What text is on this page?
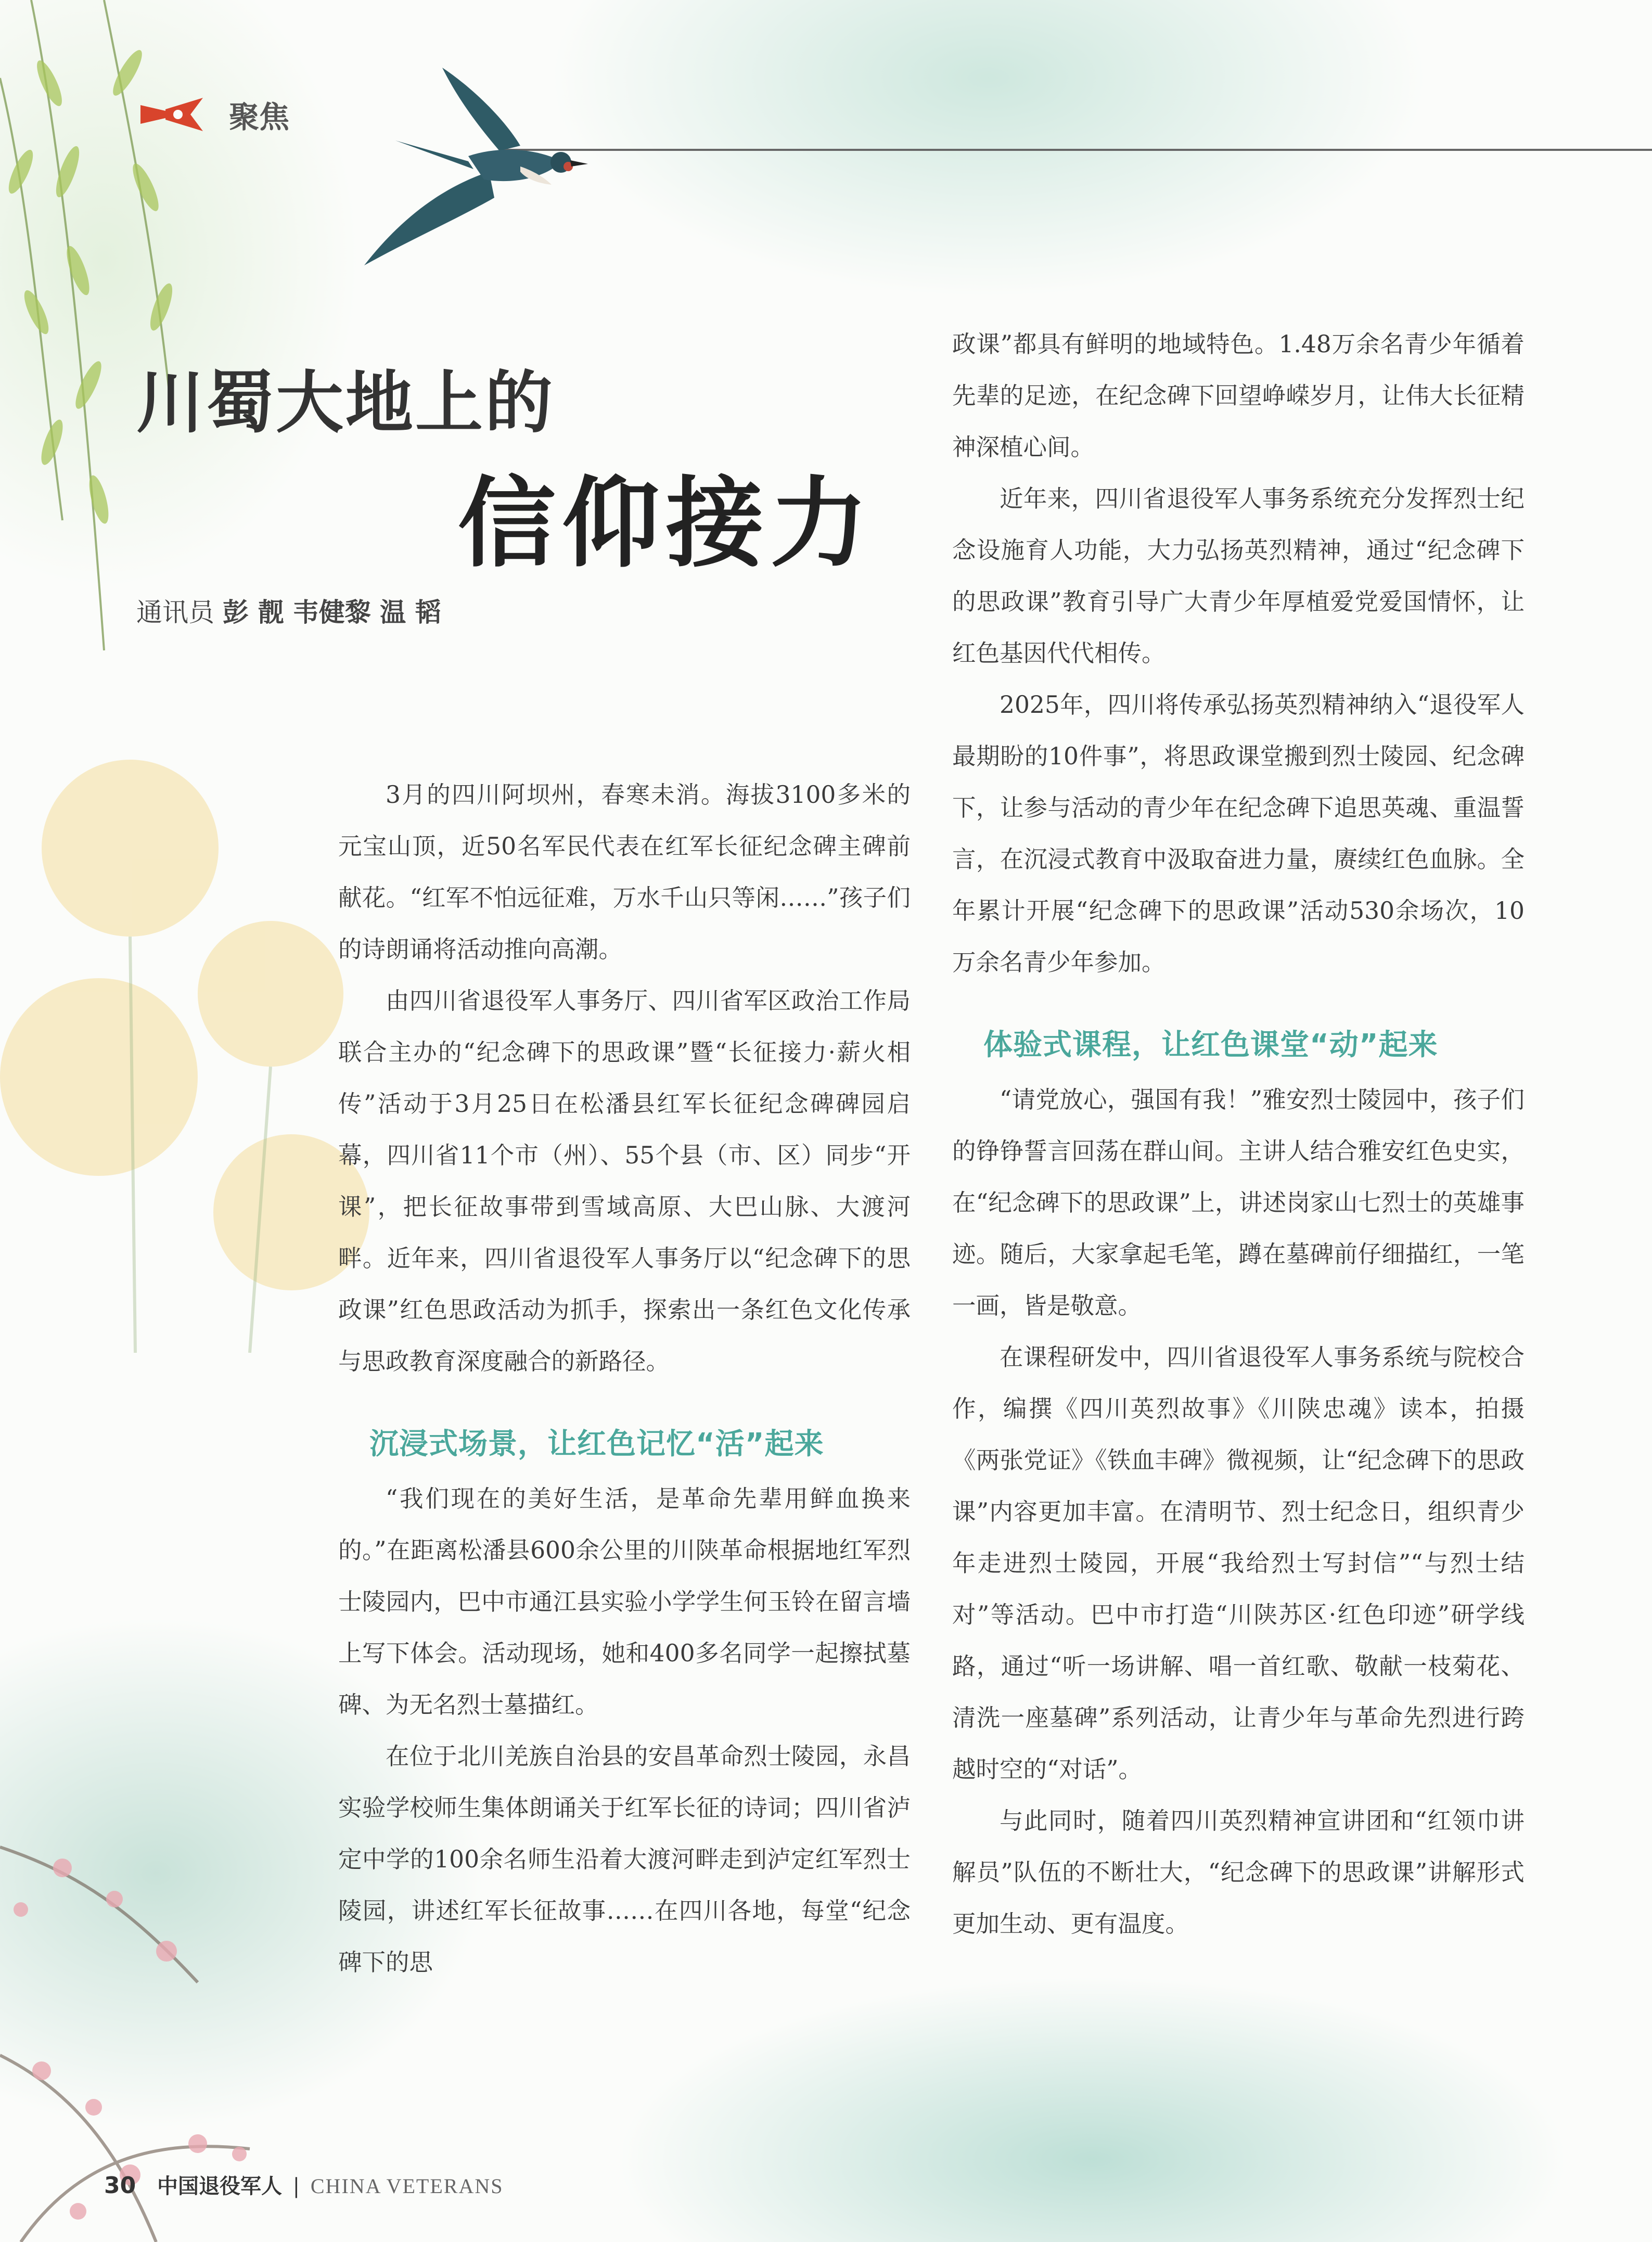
聚焦
川蜀大地上的
信仰接力
通讯员 彭 靓 韦健黎 温 韬

3月的四川阿坝州，春寒未消。海拔3100多米的元宝山顶，近50名军民代表在红军长征纪念碑主碑前献花。“红军不怕远征难，万水千山只等闲……”孩子们的诗朗诵将活动推向高潮。

由四川省退役军人事务厅、四川省军区政治工作局联合主办的“纪念碑下的思政课”暨“长征接力·薪火相传”活动于3月25日在松潘县红军长征纪念碑碑园启幕，四川省11个市（州）、55个县（市、区）同步“开课”，把长征故事带到雪域高原、大巴山脉、大渡河畔。近年来，四川省退役军人事务厅以“纪念碑下的思政课”红色思政活动为抓手，探索出一条红色文化传承与思政教育深度融合的新路径。

沉浸式场景，让红色记忆“活”起来

“我们现在的美好生活，是革命先辈用鲜血换来的。”在距离松潘县600余公里的川陕革命根据地红军烈士陵园内，巴中市通江县实验小学学生何玉铃在留言墙上写下体会。活动现场，她和400多名同学一起擦拭墓碑、为无名烈士墓描红。

在位于北川羌族自治县的安昌革命烈士陵园，永昌实验学校师生集体朗诵关于红军长征的诗词；四川省泸定中学的100余名师生沿着大渡河畔走到泸定红军烈士陵园，讲述红军长征故事……在四川各地，每堂“纪念碑下的思

政课”都具有鲜明的地域特色。1.48万余名青少年循着先辈的足迹，在纪念碑下回望峥嵘岁月，让伟大长征精神深植心间。

近年来，四川省退役军人事务系统充分发挥烈士纪念设施育人功能，大力弘扬英烈精神，通过“纪念碑下的思政课”教育引导广大青少年厚植爱党爱国情怀，让红色基因代代相传。

2025年，四川将传承弘扬英烈精神纳入“退役军人最期盼的10件事”，将思政课堂搬到烈士陵园、纪念碑下，让参与活动的青少年在纪念碑下追思英魂、重温誓言，在沉浸式教育中汲取奋进力量，赓续红色血脉。全年累计开展“纪念碑下的思政课”活动530余场次，10万余名青少年参加。

体验式课程，让红色课堂“动”起来

“请党放心，强国有我！”雅安烈士陵园中，孩子们的铮铮誓言回荡在群山间。主讲人结合雅安红色史实，在“纪念碑下的思政课”上，讲述岗家山七烈士的英雄事迹。随后，大家拿起毛笔，蹲在墓碑前仔细描红，一笔一画，皆是敬意。

在课程研发中，四川省退役军人事务系统与院校合作，编撰《四川英烈故事》《川陕忠魂》读本，拍摄《两张党证》《铁血丰碑》微视频，让“纪念碑下的思政课”内容更加丰富。在清明节、烈士纪念日，组织青少年走进烈士陵园，开展“我给烈士写封信”“与烈士结对”等活动。巴中市打造“川陕苏区·红色印迹”研学线路，通过“听一场讲解、唱一首红歌、敬献一枝菊花、清洗一座墓碑”系列活动，让青少年与革命先烈进行跨越时空的“对话”。

与此同时，随着四川英烈精神宣讲团和“红领巾讲解员”队伍的不断壮大，“纪念碑下的思政课”讲解形式更加生动、更有温度。

30 中国退役军人 | CHINA VETERANS
